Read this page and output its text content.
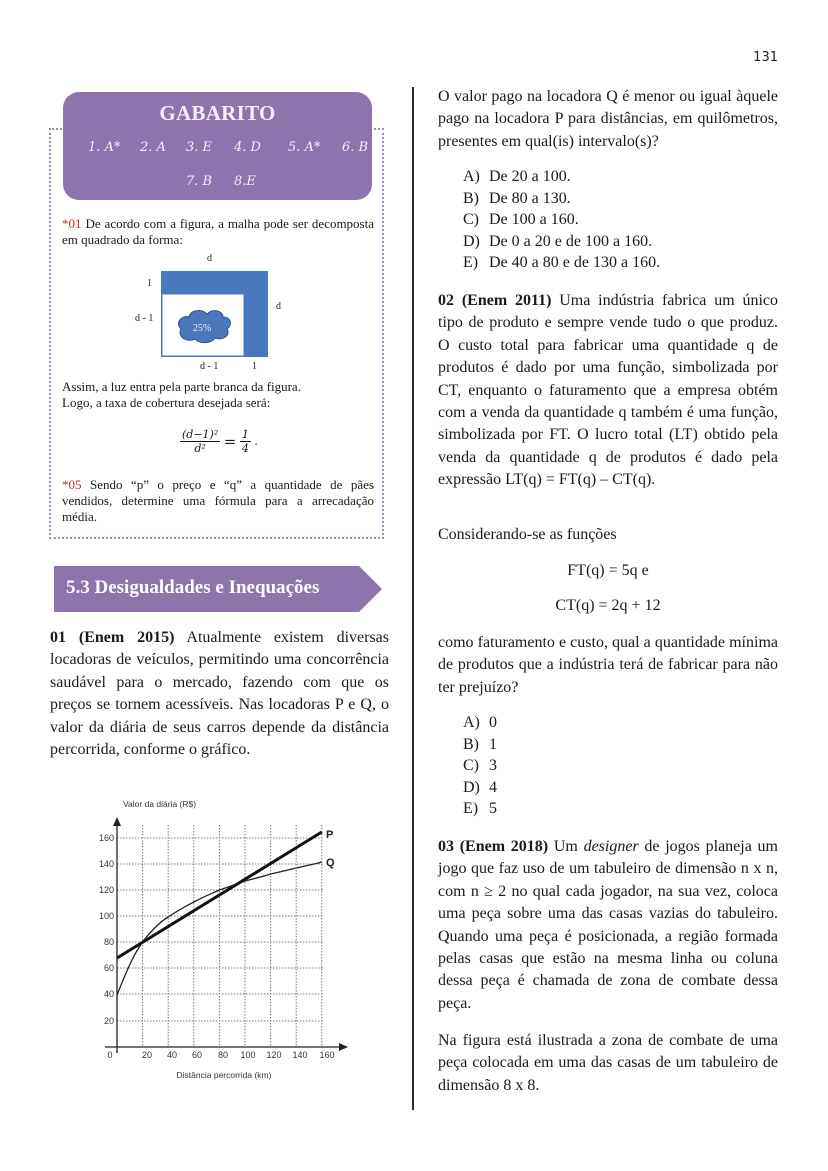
131
GABARITO
1. A* 2. A 3. E 4. D 5. A* 6. B
7. B 8.E
*01 De acordo com a figura, a malha pode ser decomposta em quadrado da forma:
d
1
d - 1
d
d - 1	1
25%
Assim, a luz entra pela parte branca da figura.
Logo, a taxa de cobertura desejada será:
$\frac{\text{(d−1)²}}{\text{d²}} = \frac{1}{4}$ .
*05 Sendo “p” o preço e “q” a quantidade de pães vendidos, determine uma fórmula para a arrecadação média.
5.3 Desigualdades e Inequações
01 (Enem 2015) Atualmente existem diversas locadoras de veículos, permitindo uma concorrência saudável para o mercado, fazendo com que os preços se tornem acessíveis. Nas locadoras P e Q, o valor da diária de seus carros depende da distância percorrida, conforme o gráfico.
Valor da diária (R$)
160
140
120
100
80
60
40
20
0	20 40 60 80 100 120 140 160
Distância percorrida (km)
P
Q
O valor pago na locadora Q é menor ou igual àquele pago na locadora P para distâncias, em quilômetros, presentes em qual(is) intervalo(s)?
A) De 20 a 100.
B) De 80 a 130.
C) De 100 a 160.
D) De 0 a 20 e de 100 a 160.
E) De 40 a 80 e de 130 a 160.
02 (Enem 2011) Uma indústria fabrica um único tipo de produto e sempre vende tudo o que produz. O custo total para fabricar uma quantidade q de produtos é dado por uma função, simbolizada por CT, enquanto o faturamento que a empresa obtém com a venda da quantidade q também é uma função, simbolizada por FT. O lucro total (LT) obtido pela venda da quantidade q de produtos é dado pela expressão LT(q) = FT(q) – CT(q).
Considerando-se as funções
FT(q) = 5q e
CT(q) = 2q + 12
como faturamento e custo, qual a quantidade mínima de produtos que a indústria terá de fabricar para não ter prejuízo?
A) 0
B) 1
C) 3
D) 4
E) 5
03 (Enem 2018) Um designer de jogos planeja um jogo que faz uso de um tabuleiro de dimensão n x n, com n ≥ 2 no qual cada jogador, na sua vez, coloca uma peça sobre uma das casas vazias do tabuleiro. Quando uma peça é posicionada, a região formada pelas casas que estão na mesma linha ou coluna dessa peça é chamada de zona de combate dessa peça.
Na figura está ilustrada a zona de combate de uma peça colocada em uma das casas de um tabuleiro de dimensão 8 x 8.
